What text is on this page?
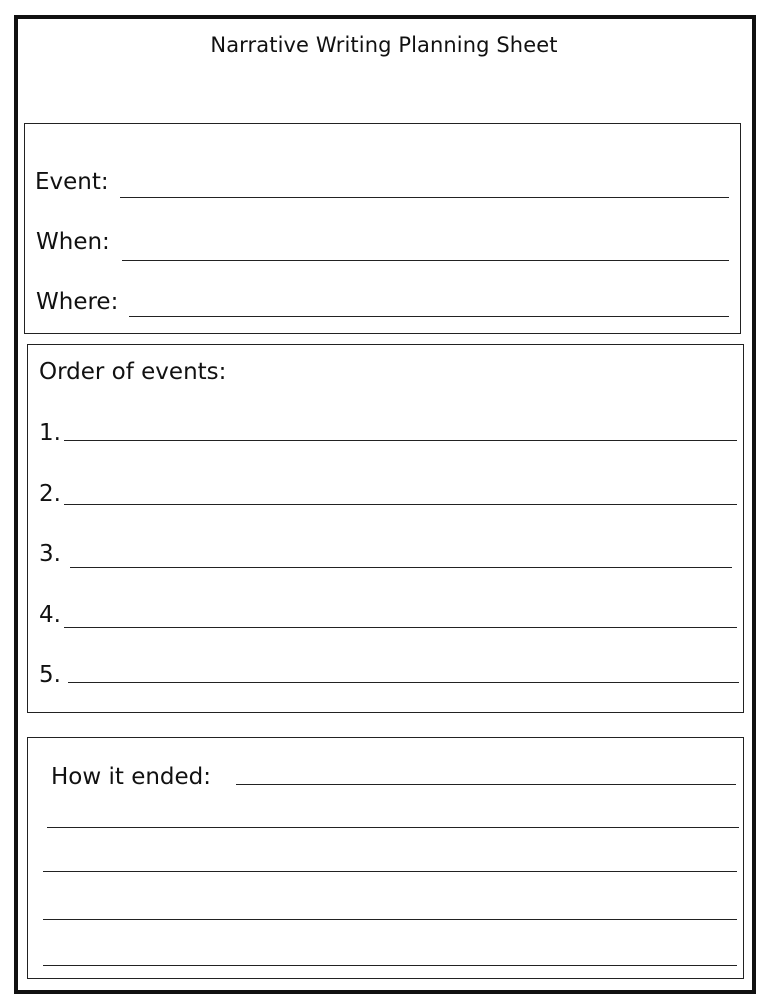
Narrative Writing Planning Sheet
Event:
When:
Where:
Order of events:
1.
2.
3.
4.
5.
How it ended:
